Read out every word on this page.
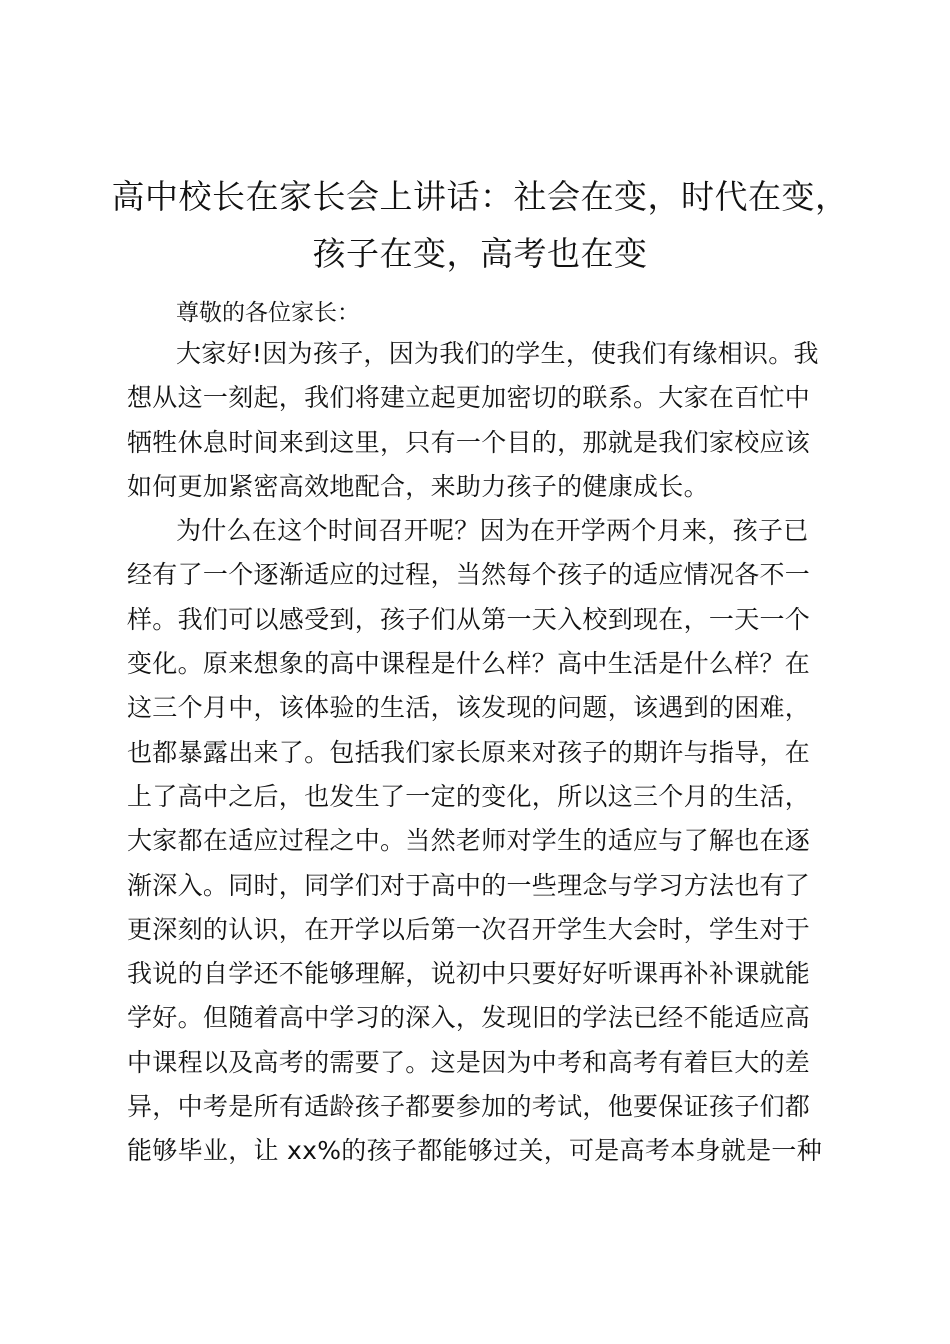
高中校长在家长会上讲话：社会在变，时代在变，孩子在变，高考也在变

尊敬的各位家长：

大家好!因为孩子，因为我们的学生，使我们有缘相识。我
想从这一刻起，我们将建立起更加密切的联系。大家在百忙中
牺牲休息时间来到这里，只有一个目的，那就是我们家校应该
如何更加紧密高效地配合，来助力孩子的健康成长。
为什么在这个时间召开呢？因为在开学两个月来，孩子已
经有了一个逐渐适应的过程，当然每个孩子的适应情况各不一
样。我们可以感受到，孩子们从第一天入校到现在，一天一个
变化。原来想象的高中课程是什么样？高中生活是什么样？在
这三个月中，该体验的生活，该发现的问题，该遇到的困难，
也都暴露出来了。包括我们家长原来对孩子的期许与指导，在
上了高中之后，也发生了一定的变化，所以这三个月的生活，
大家都在适应过程之中。当然老师对学生的适应与了解也在逐
渐深入。同时，同学们对于高中的一些理念与学习方法也有了
更深刻的认识，在开学以后第一次召开学生大会时，学生对于
我说的自学还不能够理解，说初中只要好好听课再补补课就能
学好。但随着高中学习的深入，发现旧的学法已经不能适应高
中课程以及高考的需要了。这是因为中考和高考有着巨大的差
异，中考是所有适龄孩子都要参加的考试，他要保证孩子们都
能够毕业，让 xx%的孩子都能够过关，可是高考本身就是一种
